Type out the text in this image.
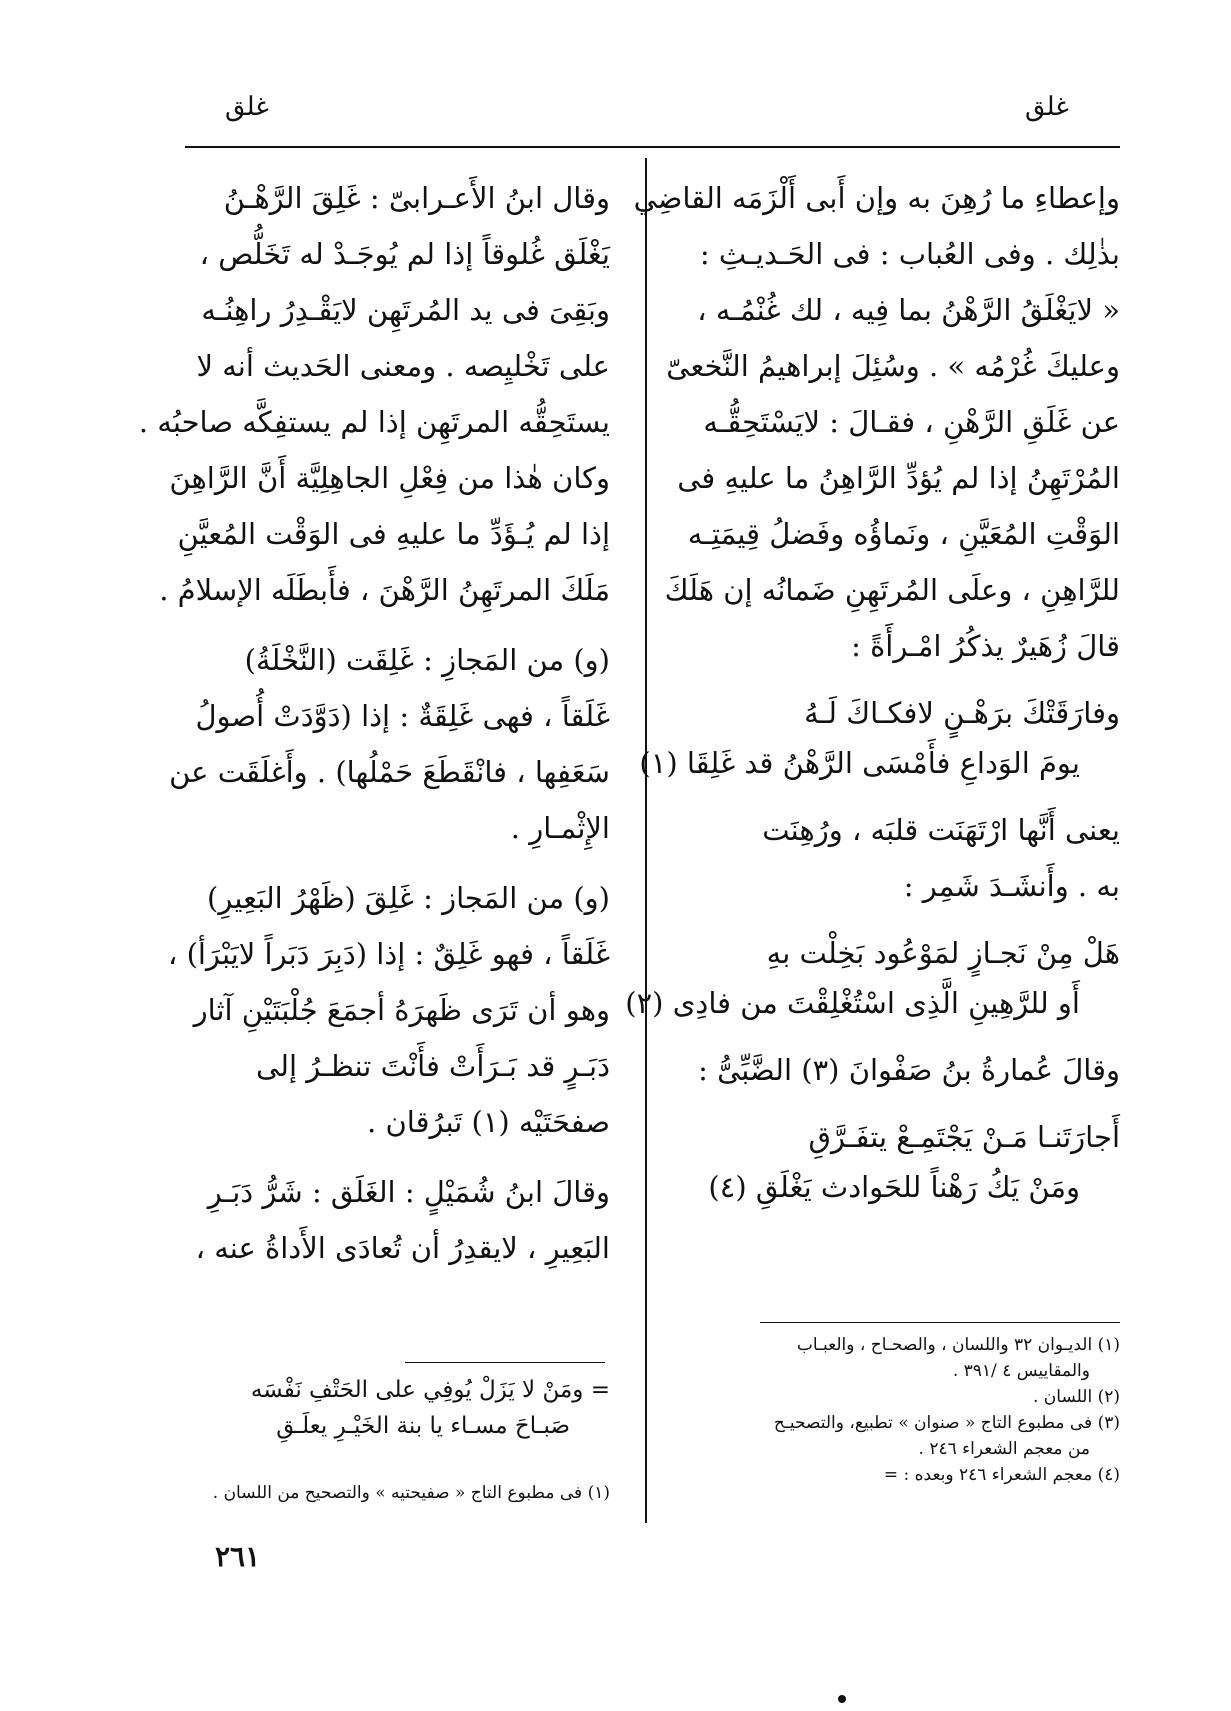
غلق
غلق
وإعطاءِ ما رُهِنَ به وإن أَبى أَلْزَمَه القاضِي
بذٰلِك . وفى العُباب : فى الحَـديـثِ :
« لايَغْلَقُ الرَّهْنُ بما فِيه ، لك غُنْمُـه ،
وعليكَ غُرْمُه » . وسُئِلَ إبراهيمُ النَّخعىّ
عن غَلَقِ الرَّهْنِ ، فقـالَ : لايَسْتَحِقُّـه
المُرْتَهِنُ إذا لم يُؤدِّ الرَّاهِنُ ما عليهِ فى
الوَقْتِ المُعَيَّنِ ، ونَماؤُه وفَضلُ قِيمَتِـه
للرَّاهِنِ ، وعلَى المُرتَهِنِ ضَمانُه إن هَلَكَ
قالَ زُهَيرٌ يذكُرُ امْـرأَةً :
وفارَقَتْكَ برَهْـنٍ لافكـاكَ لَـهُ
يومَ الوَداعِ فأَمْسَى الرَّهْنُ قد غَلِقَا (١)
يعنى أَنَّها ارْتَهَنَت قلبَه ، ورُهِنَت
به . وأَنشَـدَ شَمِر :
هَلْ مِنْ نَجـازٍ لمَوْعُود بَخِلْت بهِ
أَو للرَّهِينِ الَّذِى اسْتُغْلِقْتَ من فادِى (٢)
وقالَ عُمارةُ بنُ صَفْوانَ (٣) الضَّبِّىُّ :
أَجارَتَنـا مَـنْ يَجْتَمِـعْ يتفَـرَّقِ
ومَنْ يَكُ رَهْناً للحَوادث يَغْلَقِ (٤)
(١) الديـوان ٣٢ واللسان ، والصحـاح ، والعبـاب
والمقاييس ٤ /٣٩١ .
(٢) اللسان .
(٣) فى مطبوع التاج « صنوان » تطبيع، والتصحيـح
من معجم الشعراء ٢٤٦ .
(٤) معجم الشعراء ٢٤٦ وبعده : =
وقال ابنُ الأَعـرابىّ : غَلِقَ الرَّهْـنُ
يَغْلَق غُلوقاً إذا لم يُوجَـدْ له تَخَلُّص ،
وبَقِىَ فى يد المُرتَهِن لايَقْـدِرُ راهِنُـه
على تَخْليِصه . ومعنى الحَديث أنه لا
يستَحِقُّه المرتَهِن إذا لم يستفِكَّه صاحبُه .
وكان هٰذا من فِعْلِ الجاهِلِيَّة أَنَّ الرَّاهِنَ
إذا لم يُـؤَدِّ ما عليهِ فى الوَقْت المُعيَّنِ
مَلَكَ المرتَهِنُ الرَّهْنَ ، فأَبطَلَه الإسلامُ .
(و) من المَجازِ : غَلِقَت (النَّخْلَةُ)
غَلَقاً ، فهى غَلِقَةٌ : إذا (دَوَّدَتْ أُصولُ
سَعَفِها ، فانْقَطَعَ حَمْلُها) . وأَغلَقَت عن
الإِثْمـارِ .
(و) من المَجاز : غَلِقَ (ظَهْرُ البَعِيرِ)
غَلَقاً ، فهو غَلِقٌ : إذا (دَبِرَ دَبَراً لايَبْرَأ) ،
وهو أن تَرَى ظَهرَهُ أجمَعَ جُلْبَتَيْنِ آثار
دَبَـرٍ قد بَـرَأَتْ فأَنْتَ تنظـرُ إلى
صفحَتَيْه (١) تَبرُقان .
وقالَ ابنُ شُمَيْلٍ : الغَلَق : شَرُّ دَبَـرِ
البَعِيرِ ، لايقدِرُ أن تُعادَى الأَداةُ عنه ،
= ومَنْ لا يَزَلْ يُوفِي على الحَتْفِ نَفْسَه
صَبـاحَ مسـاء يا بنة الخَيْـرِ يعلَـقِ
(١) فى مطبوع التاج « صفيحتيه » والتصحيح من اللسان .
٢٦١
